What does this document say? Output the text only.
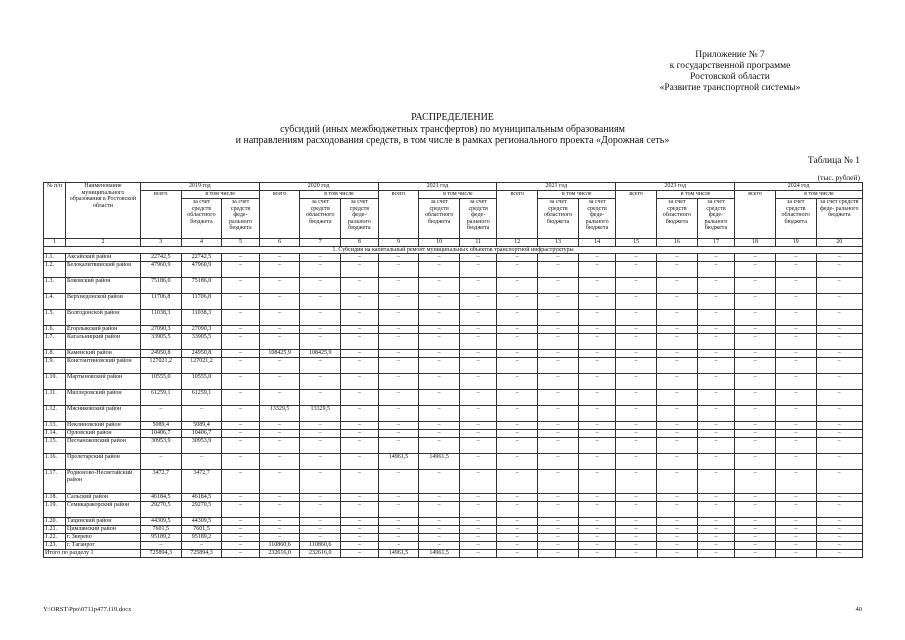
Приложение № 7
к государственной программе
Ростовской области
«Развитие транспортной системы»
РАСПРЕДЕЛЕНИЕ
субсидий (иных межбюджетных трансфертов) по муниципальным образованиям
и направлениям расходования средств, в том числе в рамках регионального проекта «Дорожная сеть»
Таблица № 1
(тыс. рублей)
№ п/п	Наименование муниципального образования в Ростовской области	2019 год			2020 год			2021 год			2021 год			2023 год			2024 год		
		всего	в том числе		всего	в том числе		всего	в том числе		всего	в том числе		всего	в том числе		всего	в том числе	
			за счет средств областного бюджета	за счет средств феде- рального бюджета		за счет средств областного бюджета	за счет средств феде- рального бюджета		за счет средств областного бюджета	за счет средств феде- рального бюджета		за счет средств областного бюджета	за счет средств феде- рального бюджета		за счет средств областного бюджета	за счет средств феде- рального бюджета		за счет средств областного бюджета	за счет средств феде- рального бюджета
1	2	3	4	5	6	7	8	9	10	11	12	13	14	15	16	17	18	19	20
1. Субсидия на капитальный ремонт муниципальных объектов транспортной инфраструктуры																			
1.1.	Аксайский район	22742,5	22742,5	–	–	–	–	–	–	–	–	–	–	–	–	–	–	–	–
1.2.	Белокалитвинский район	47960,9	47960,9	–	–	–	–	–	–	–	–	–	–	–	–	–	–	–	–
1.3.	Боковский район	75186,0	75186,0	–	–	–	–	–	–	–	–	–	–	–	–	–	–	–	–
1.4.	Верхнедонской район	11706,8	11706,8	–	–	–	–	–	–	–	–	–	–	–	–	–	–	–	–
1.5.	Волгодонской район	11038,3	11038,3	–	–	–	–	–	–	–	–	–	–	–	–	–	–	–	–
1.6.	Егорлыкский район	27090,3	27090,3	–	–	–	–	–	–	–	–	–	–	–	–	–	–	–	–
1.7.	Кагальницкий район	33905,5	33905,5	–	–	–	–	–	–	–	–	–	–	–	–	–	–	–	–
1.8.	Каменский район	24950,8	24950,8	–	108425,9	108425,9	–	–	–	–	–	–	–	–	–	–	–	–	–
1.9.	Константиновский район	127021,2	127021,2	–	–	–	–	–	–	–	–	–	–	–	–	–	–	–	–
1.10.	Мартыновский район	10555,0	10555,0	–	–	–	–	–	–	–	–	–	–	–	–	–	–	–	–
1.11.	Миллеровский район	61259,1	61259,1	–	–	–	–	–	–	–	–	–	–	–	–	–	–	–	–
1.12.	Мясниковский район	–	–	–	13329,5	13329,5	–	–	–	–	–	–	–	–	–	–	–	–	–
1.13.	Неклиновский район	5089,4	5089,4	–	–	–	–	–	–	–	–	–	–	–	–	–	–	–	–
1.14.	Орловский район	10406,7	10406,7	–	–	–	–	–	–	–	–	–	–	–	–	–	–	–	–
1.15.	Песчанокопский район	30953,9	30953,9	–	–	–	–	–	–	–	–	–	–	–	–	–	–	–	–
1.16.	Пролетарский район	–	–	–	–	–	–	14961,5	14961,5	–	–	–	–	–	–	–	–	–	–
1.17.	Родионово-Несветайский район	3472,7	3472,7	–	–	–	–	–	–	–	–	–	–	–	–	–	–	–	–
1.18.	Сальский район	46184,5	46184,5	–	–	–	–	–	–	–	–	–	–	–	–	–	–	–	–
1.19.	Семикаракорский район	29270,5	29270,5	–	–	–	–	–	–	–	–	–	–	–	–	–	–	–	–
1.20.	Тацинский район	44309,5	44309,5	–	–	–	–	–	–	–	–	–	–	–	–	–	–	–	–
1.21.	Цимлянский район	7601,5	7601,5	–	–	–	–	–	–	–	–	–	–	–	–	–	–	–	–
1.22.	г. Зверево	95189,2	95189,2	–	–	–	–	–	–	–	–	–	–	–	–	–	–	–	–
1.23.	г. Таганрог	–	–	–	110860,6	110860,6	–	–	–	–	–	–	–	–	–	–	–	–	–
Итого по разделу 1		725894,3	725894,3	–	232616,0	232616,0	–	14961,5	14961,5	–	–	–	–	–	–	–	–	–	–
Y:\ORST\Ppo\0711p477.f19.docx	40
